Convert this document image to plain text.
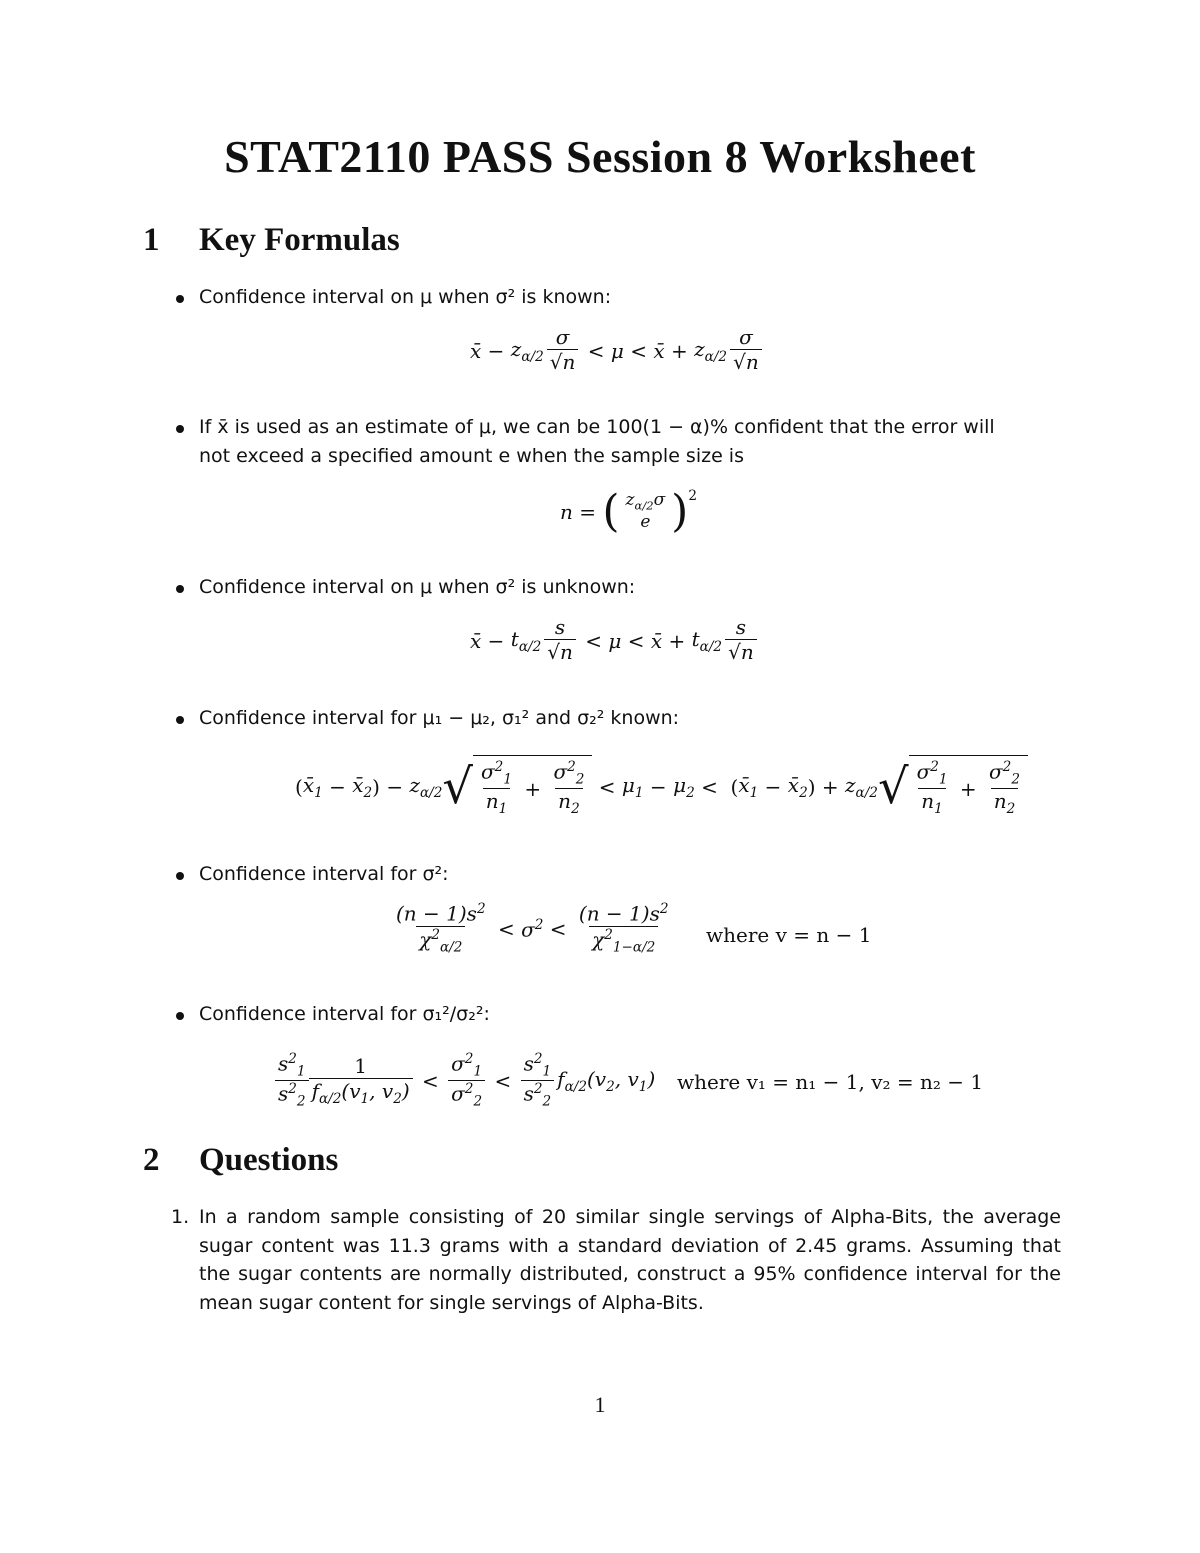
STAT2110 PASS Session 8 Worksheet
1 Key Formulas
Confidence interval on μ when σ² is known:
x̄ − $z_{\alpha/2} \frac{\sigma}{√n} < \mu$ < x̄ + $z_{\alpha/2} \frac{\sigma}{√n}$
If x̄ is used as an estimate of μ, we can be 100(1 − α)% confident that the error will
not exceed a specified amount e when the sample size is
n = ( $z_{\alpha/2}\sigma$
e )$^2$
Confidence interval on μ when σ² is unknown:
x̄ − $t_{\alpha/2} \frac{s}{√n} < \mu$ < x̄ + $t_{\alpha/2} \frac{s}{√n}$
Confidence interval for μ₁ − μ₂, σ₁² and σ₂² known:
( $x̄_1$ − $x̄_2$ ) − $z_{\alpha/2}$ √ $\frac{\sigma^2_1}{n_1} + \frac{\sigma^2_2}{n_2} < \mu_1 - \mu_2$ <  ( $x̄_1$ − $x̄_2$ ) + $z_{\alpha/2}$ √ $\frac{\sigma^2_1}{n_1} + \frac{\sigma^2_2}{n_2}$
Confidence interval for σ²:
$\frac{(n - 1)s^2}{\chi^2_{\alpha/2}} < \sigma^2 < \frac{(n - 1)s^2}{\chi^2_{1-\alpha/2}}$ where v = n − 1
Confidence interval for σ₁²/σ₂²:
$\frac{s^2_1}{s^2_2} \frac{1}{f_{\alpha/2}(v_1, v_2)} < \frac{\sigma^2_1}{\sigma^2_2} < \frac{s^2_1}{s^2_2} f_{\alpha/2}(v_2$, $v_1$) where v₁ = n₁ − 1, v₂ = n₂ − 1
2 Questions
1. In a random sample consisting of 20 similar single servings of Alpha-Bits, the average sugar content was 11.3 grams with a standard deviation of 2.45 grams. Assuming that the sugar contents are normally distributed, construct a 95% confidence interval for the mean sugar content for single servings of Alpha-Bits.
1
